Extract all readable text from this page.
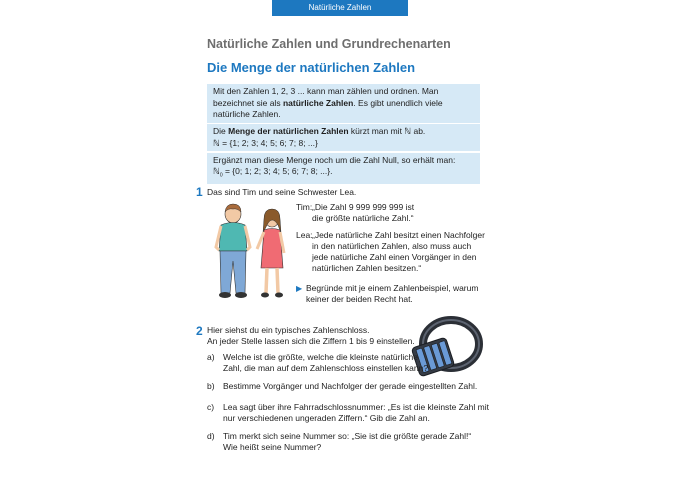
Natürliche Zahlen
Natürliche Zahlen und Grundrechenarten
Die Menge der natürlichen Zahlen
Mit den Zahlen 1, 2, 3 ... kann man zählen und ordnen. Man bezeichnet sie als natürliche Zahlen. Es gibt unendlich viele natürliche Zahlen.
Die Menge der natürlichen Zahlen kürzt man mit ℕ ab.
ℕ = {1; 2; 3; 4; 5; 6; 7; 8; ...}
Ergänzt man diese Menge noch um die Zahl Null, so erhält man:
ℕ$_0$ = {0; 1; 2; 3; 4; 5; 6; 7; 8; ...}.
1 Das sind Tim und seine Schwester Lea.
Tim: „Die Zahl 9 999 999 999 ist
die größte natürliche Zahl.“
Lea: „Jede natürliche Zahl besitzt einen Nachfolger
in den natürlichen Zahlen, also muss auch
jede natürliche Zahl einen Vorgänger in den
natürlichen Zahlen besitzen.“
▶ Begründe mit je einem Zahlenbeispiel, warum
keiner der beiden Recht hat.
2 Hier siehst du ein typisches Zahlenschloss.
An jeder Stelle lassen sich die Ziffern 1 bis 9 einstellen.
a) Welche ist die größte, welche die kleinste natürliche
Zahl, die man auf dem Zahlenschloss einstellen kann?
b) Bestimme Vorgänger und Nachfolger der gerade eingestellten Zahl.
c)	Lea sagt über ihre Fahrradschlossnummer: „Es ist die kleinste Zahl mit
nur verschiedenen ungeraden Ziffern.“ Gib die Zahl an.
d) Tim merkt sich seine Nummer so: „Sie ist die größte gerade Zahl!“
Wie heißt seine Nummer?
